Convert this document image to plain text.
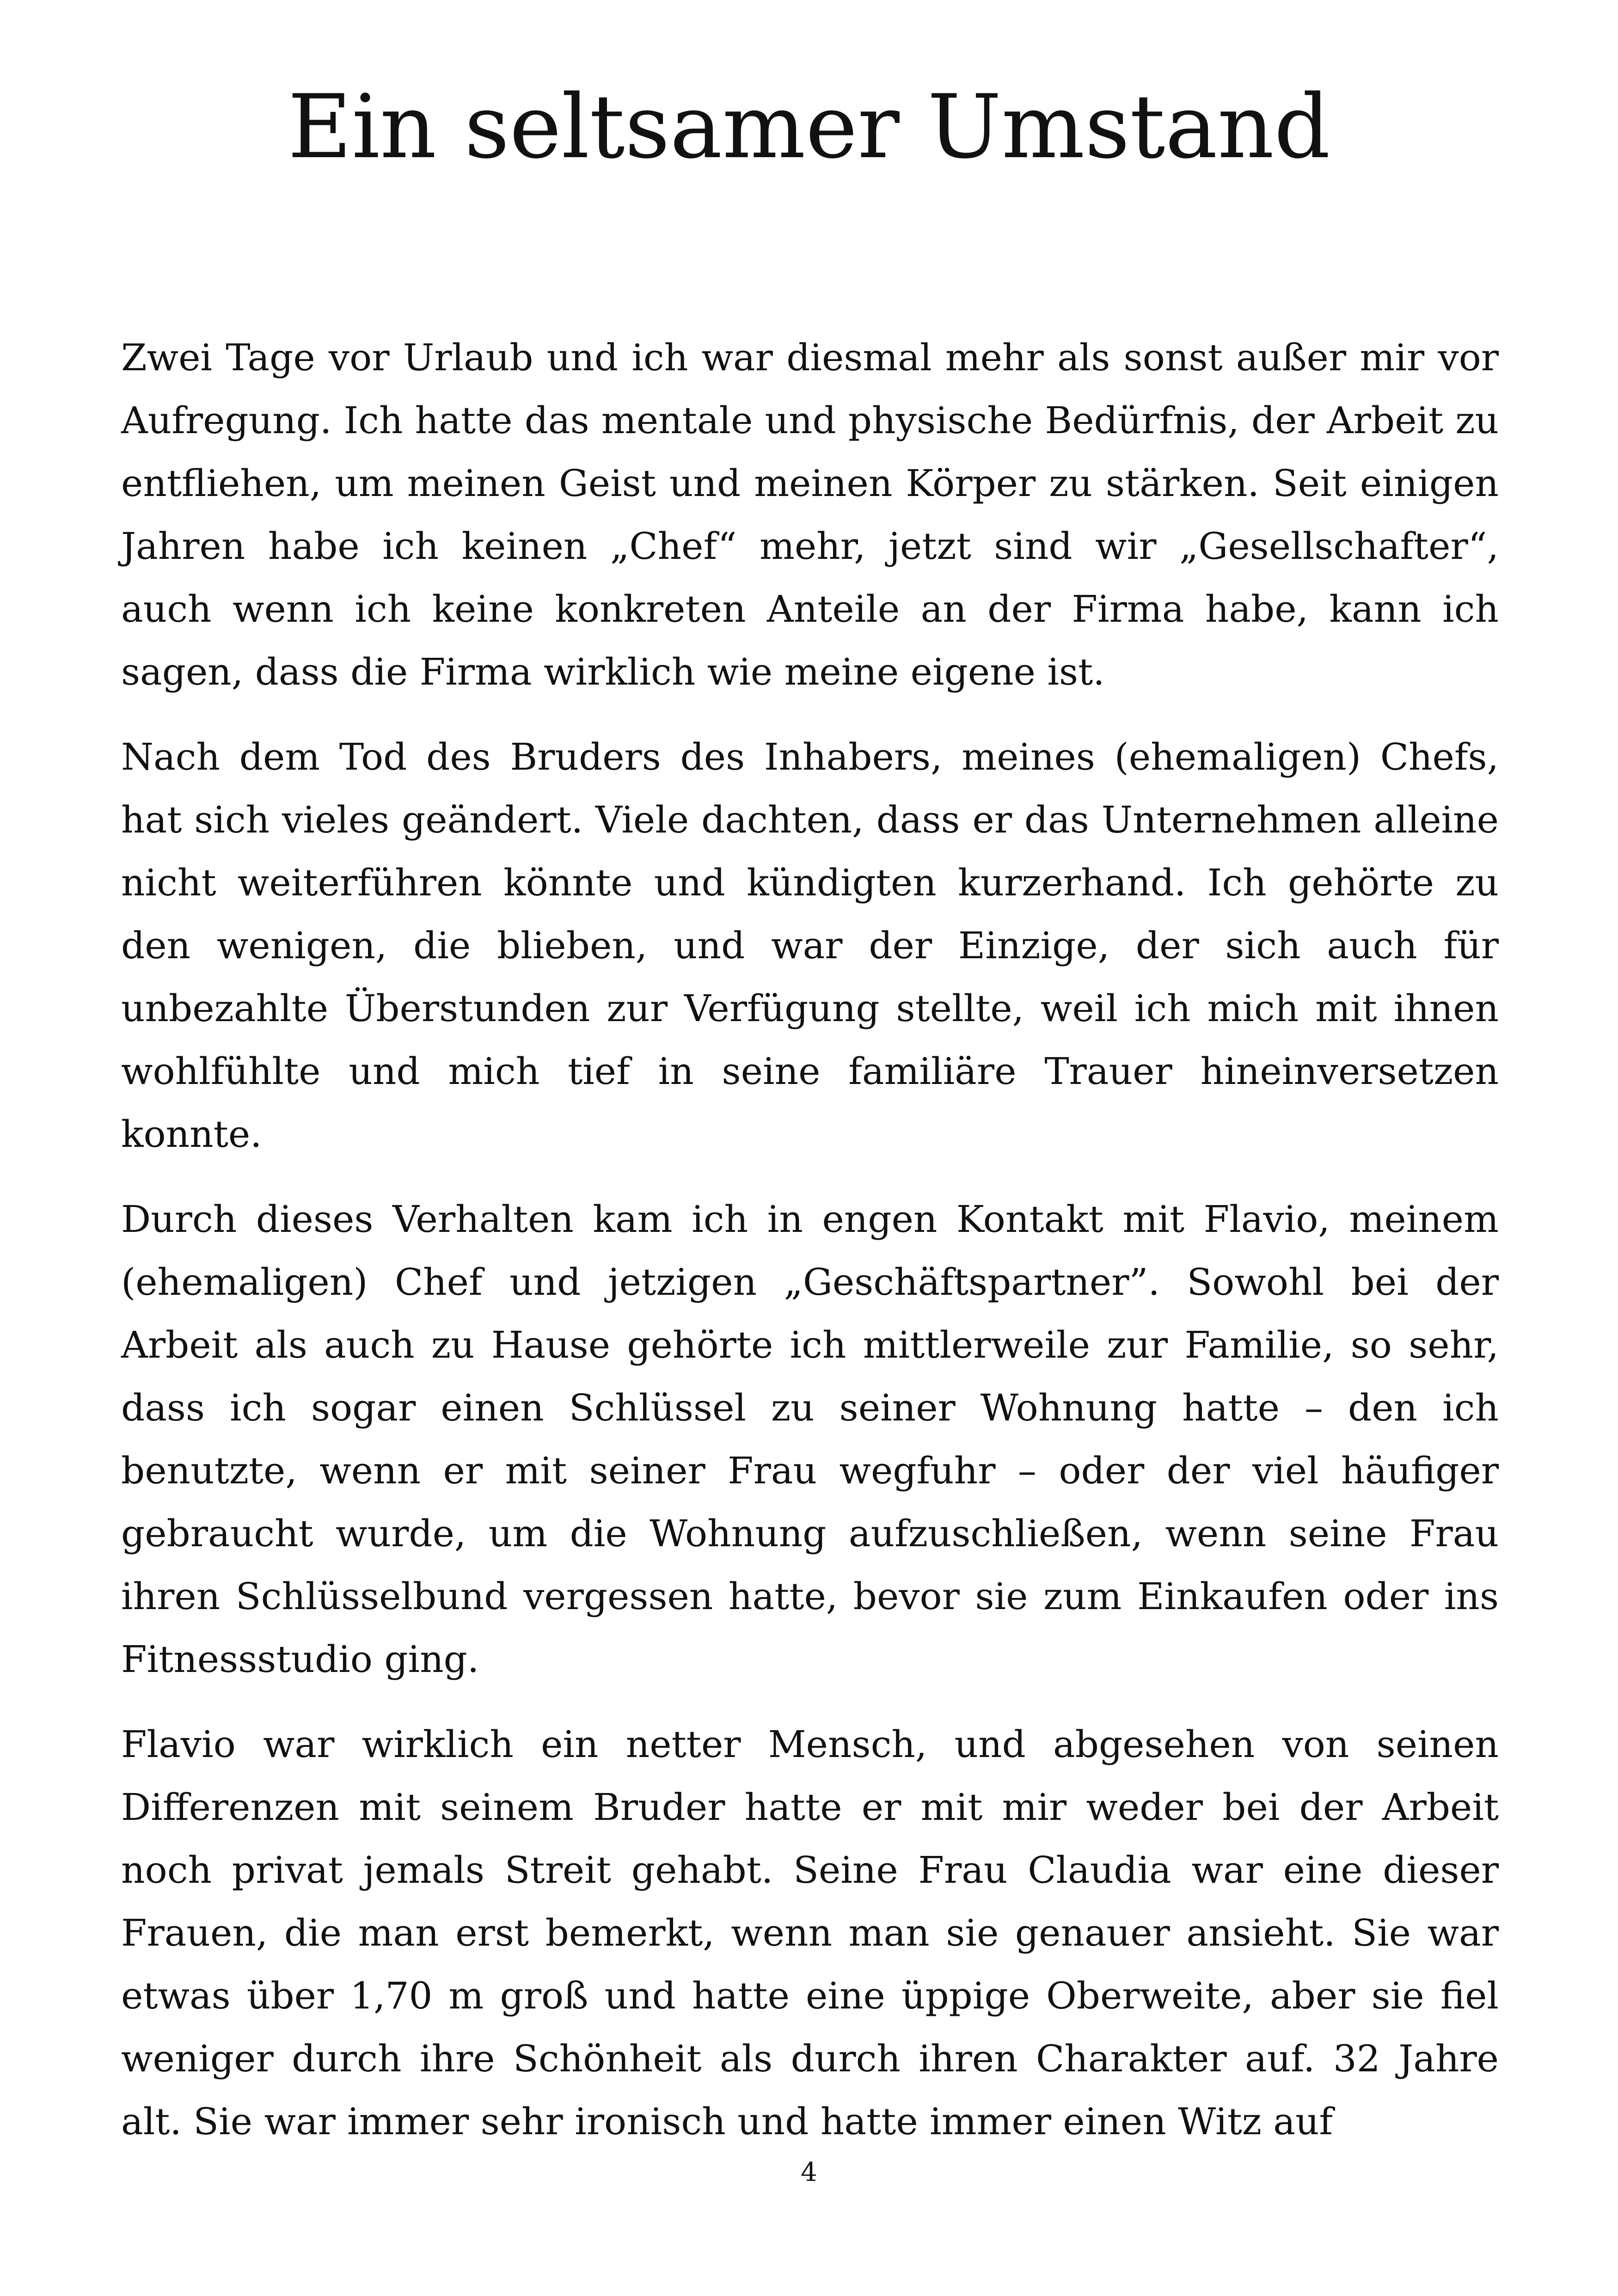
Ein seltsamer Umstand

Zwei Tage vor Urlaub und ich war diesmal mehr als sonst außer mir vor Aufregung. Ich hatte das mentale und physische Bedürfnis, der Arbeit zu entfliehen, um meinen Geist und meinen Körper zu stärken. Seit einigen Jahren habe ich keinen „Chef“ mehr, jetzt sind wir „Gesellschafter“, auch wenn ich keine konkreten Anteile an der Firma habe, kann ich sagen, dass die Firma wirklich wie meine eigene ist.

Nach dem Tod des Bruders des Inhabers, meines (ehemaligen) Chefs, hat sich vieles geändert. Viele dachten, dass er das Unternehmen alleine nicht weiterführen könnte und kündigten kurzerhand. Ich gehörte zu den wenigen, die blieben, und war der Einzige, der sich auch für unbezahlte Überstunden zur Verfügung stellte, weil ich mich mit ihnen wohlfühlte und mich tief in seine familiäre Trauer hineinversetzen konnte.

Durch dieses Verhalten kam ich in engen Kontakt mit Flavio, meinem (ehemaligen) Chef und jetzigen „Geschäftspartner”. Sowohl bei der Arbeit als auch zu Hause gehörte ich mittlerweile zur Familie, so sehr, dass ich sogar einen Schlüssel zu seiner Wohnung hatte – den ich benutzte, wenn er mit seiner Frau wegfuhr – oder der viel häufiger gebraucht wurde, um die Wohnung aufzuschließen, wenn seine Frau ihren Schlüsselbund vergessen hatte, bevor sie zum Einkaufen oder ins Fitnessstudio ging.

Flavio war wirklich ein netter Mensch, und abgesehen von seinen Differenzen mit seinem Bruder hatte er mit mir weder bei der Arbeit noch privat jemals Streit gehabt. Seine Frau Claudia war eine dieser Frauen, die man erst bemerkt, wenn man sie genauer ansieht. Sie war etwas über 1,70 m groß und hatte eine üppige Oberweite, aber sie fiel weniger durch ihre Schönheit als durch ihren Charakter auf. 32 Jahre alt. Sie war immer sehr ironisch und hatte immer einen Witz auf

4
